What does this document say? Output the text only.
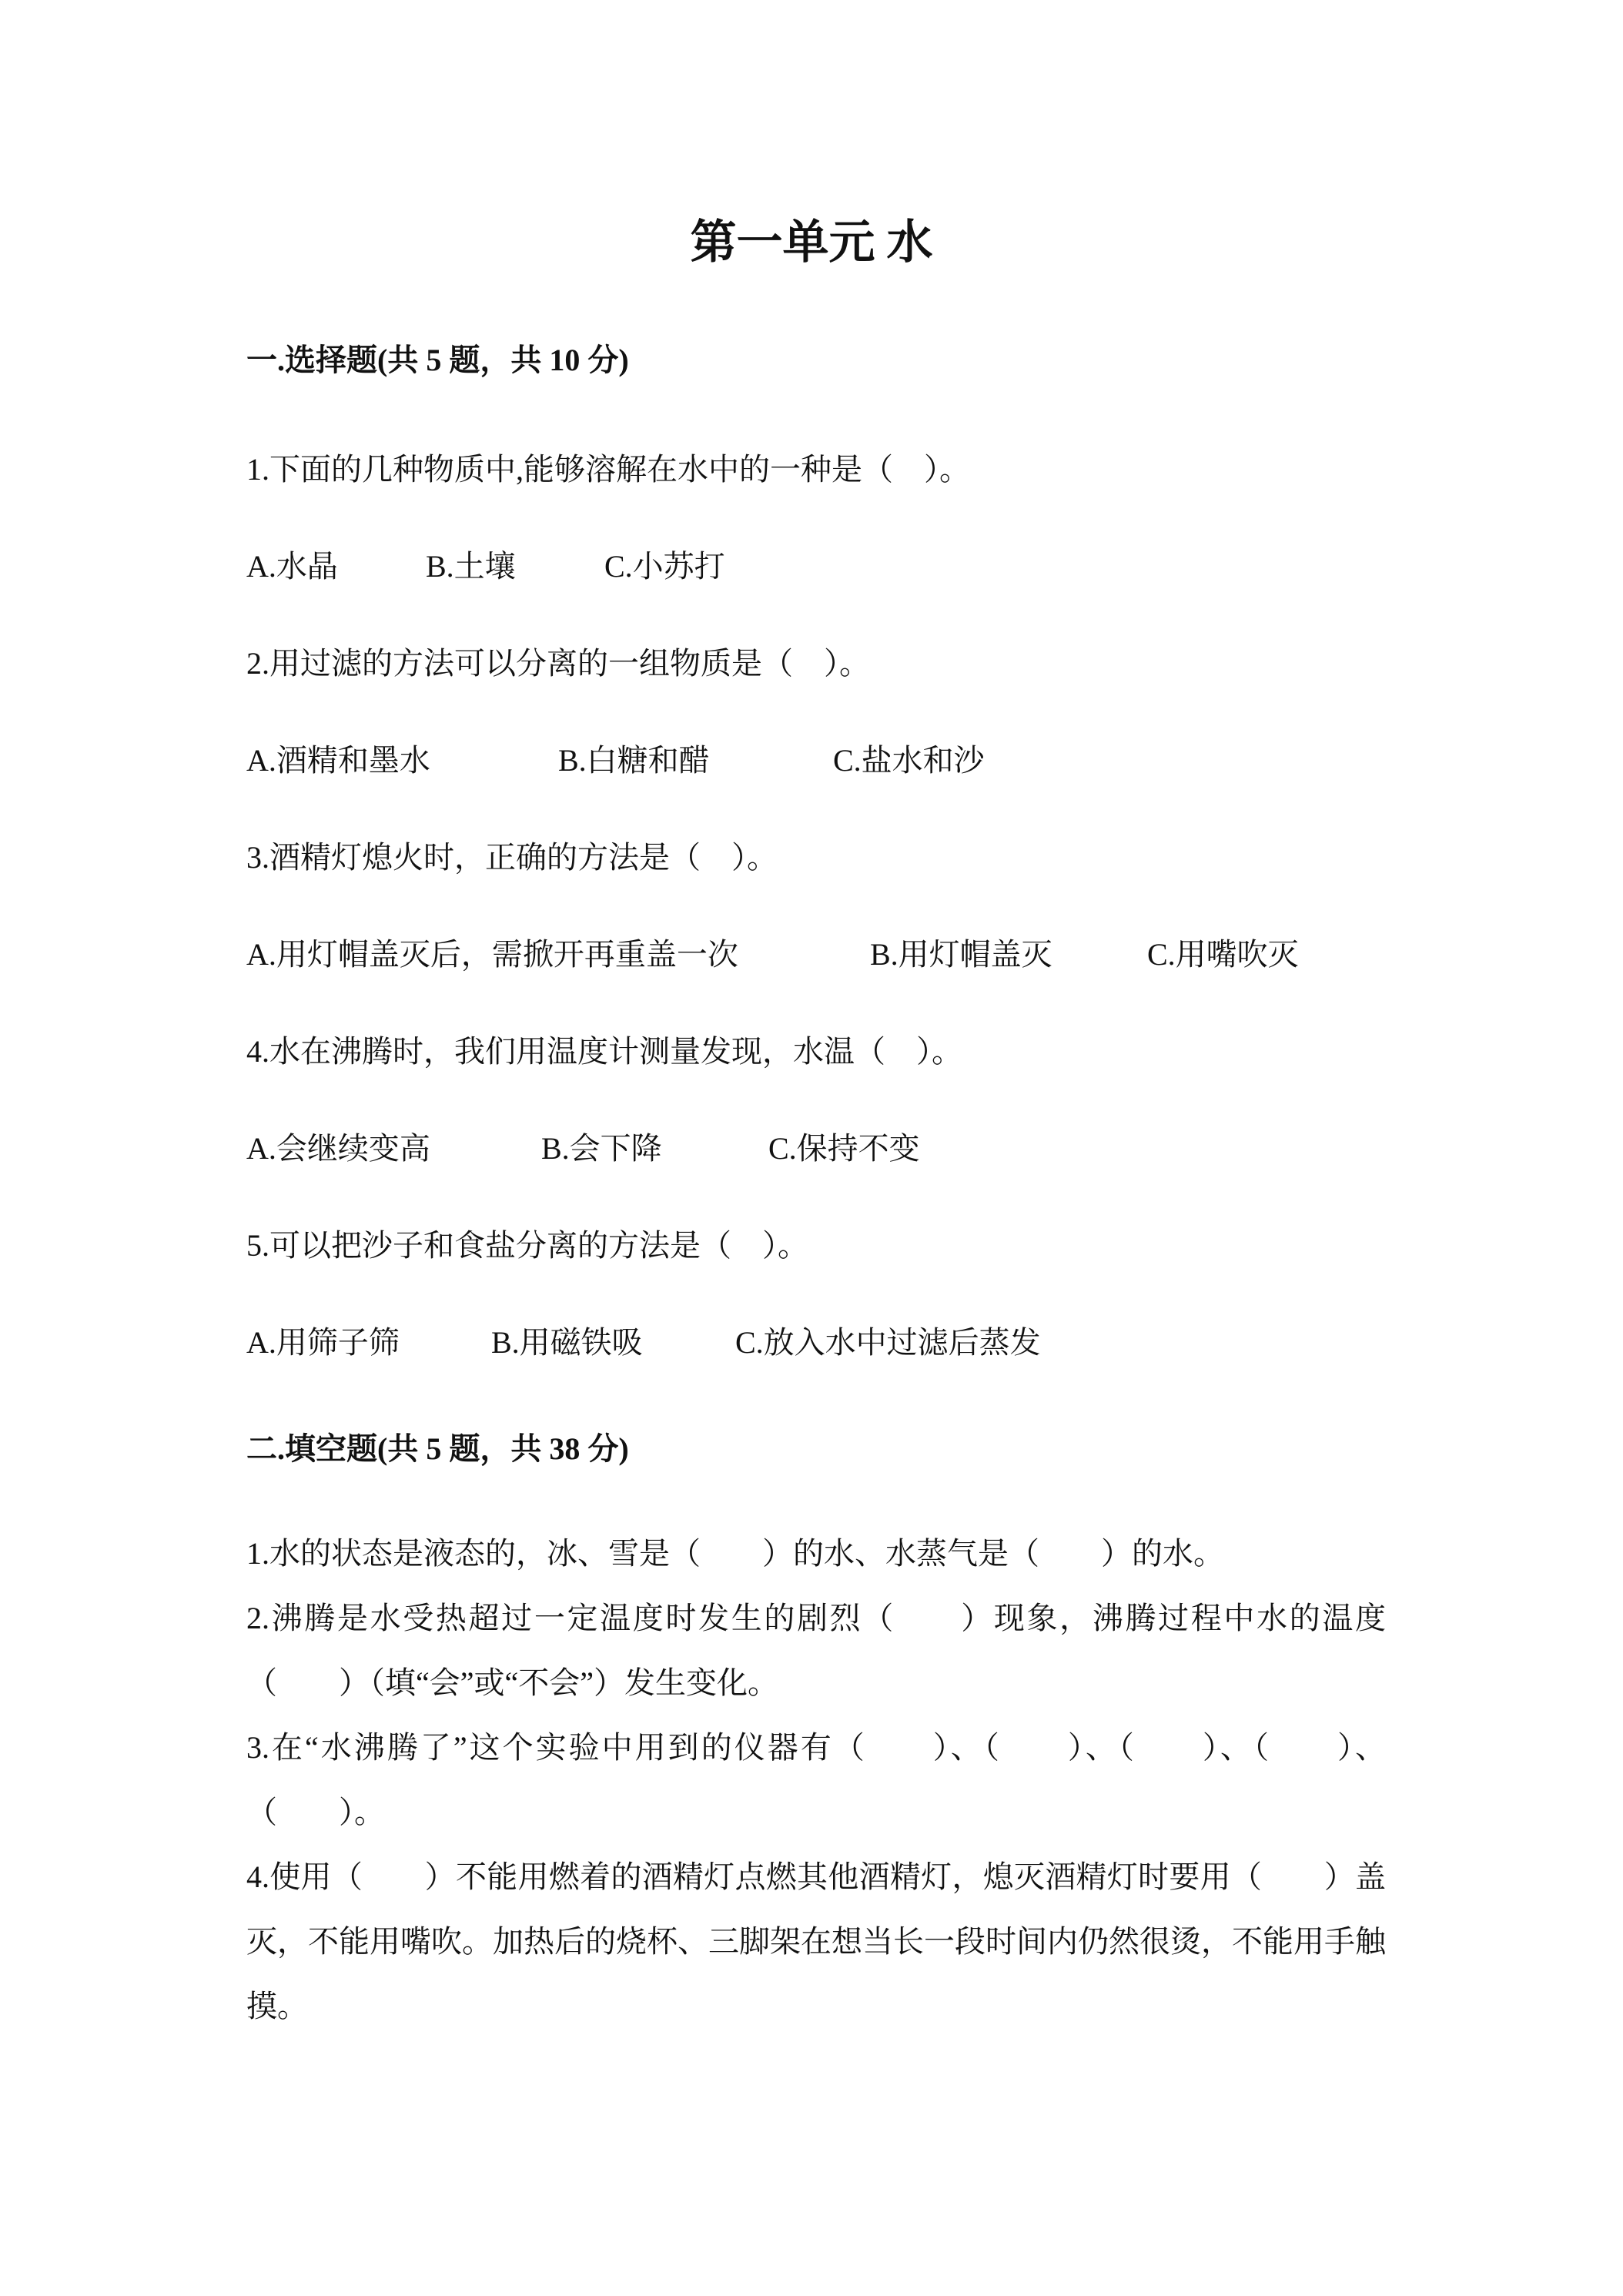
第一单元 水
一.选择题(共 5 题，共 10 分)
1.下面的几种物质中,能够溶解在水中的一种是（　）。
A.水晶	B.土壤	C.小苏打
2.用过滤的方法可以分离的一组物质是（　）。
A.酒精和墨水	B.白糖和醋	C.盐水和沙
3.酒精灯熄火时，正确的方法是（　）。
A.用灯帽盖灭后，需掀开再重盖一次	B.用灯帽盖灭	C.用嘴吹灭
4.水在沸腾时，我们用温度计测量发现，水温（　）。
A.会继续变高	B.会下降	C.保持不变
5.可以把沙子和食盐分离的方法是（　）。
A.用筛子筛	B.用磁铁吸	C.放入水中过滤后蒸发
二.填空题(共 5 题，共 38 分)
1.水的状态是液态的，冰、雪是（　　）的水、水蒸气是（　　）的水。
2.沸腾是水受热超过一定温度时发生的剧烈（　　）现象，沸腾过程中水的温度（　　）（填“会”或“不会”）发生变化。
3.在“水沸腾了”这个实验中用到的仪器有（　　）、（　　）、（　　）、（　　）、（　　）。
4.使用（　　）不能用燃着的酒精灯点燃其他酒精灯，熄灭酒精灯时要用（　　）盖灭，不能用嘴吹。加热后的烧杯、三脚架在想当长一段时间内仍然很烫，不能用手触摸。
